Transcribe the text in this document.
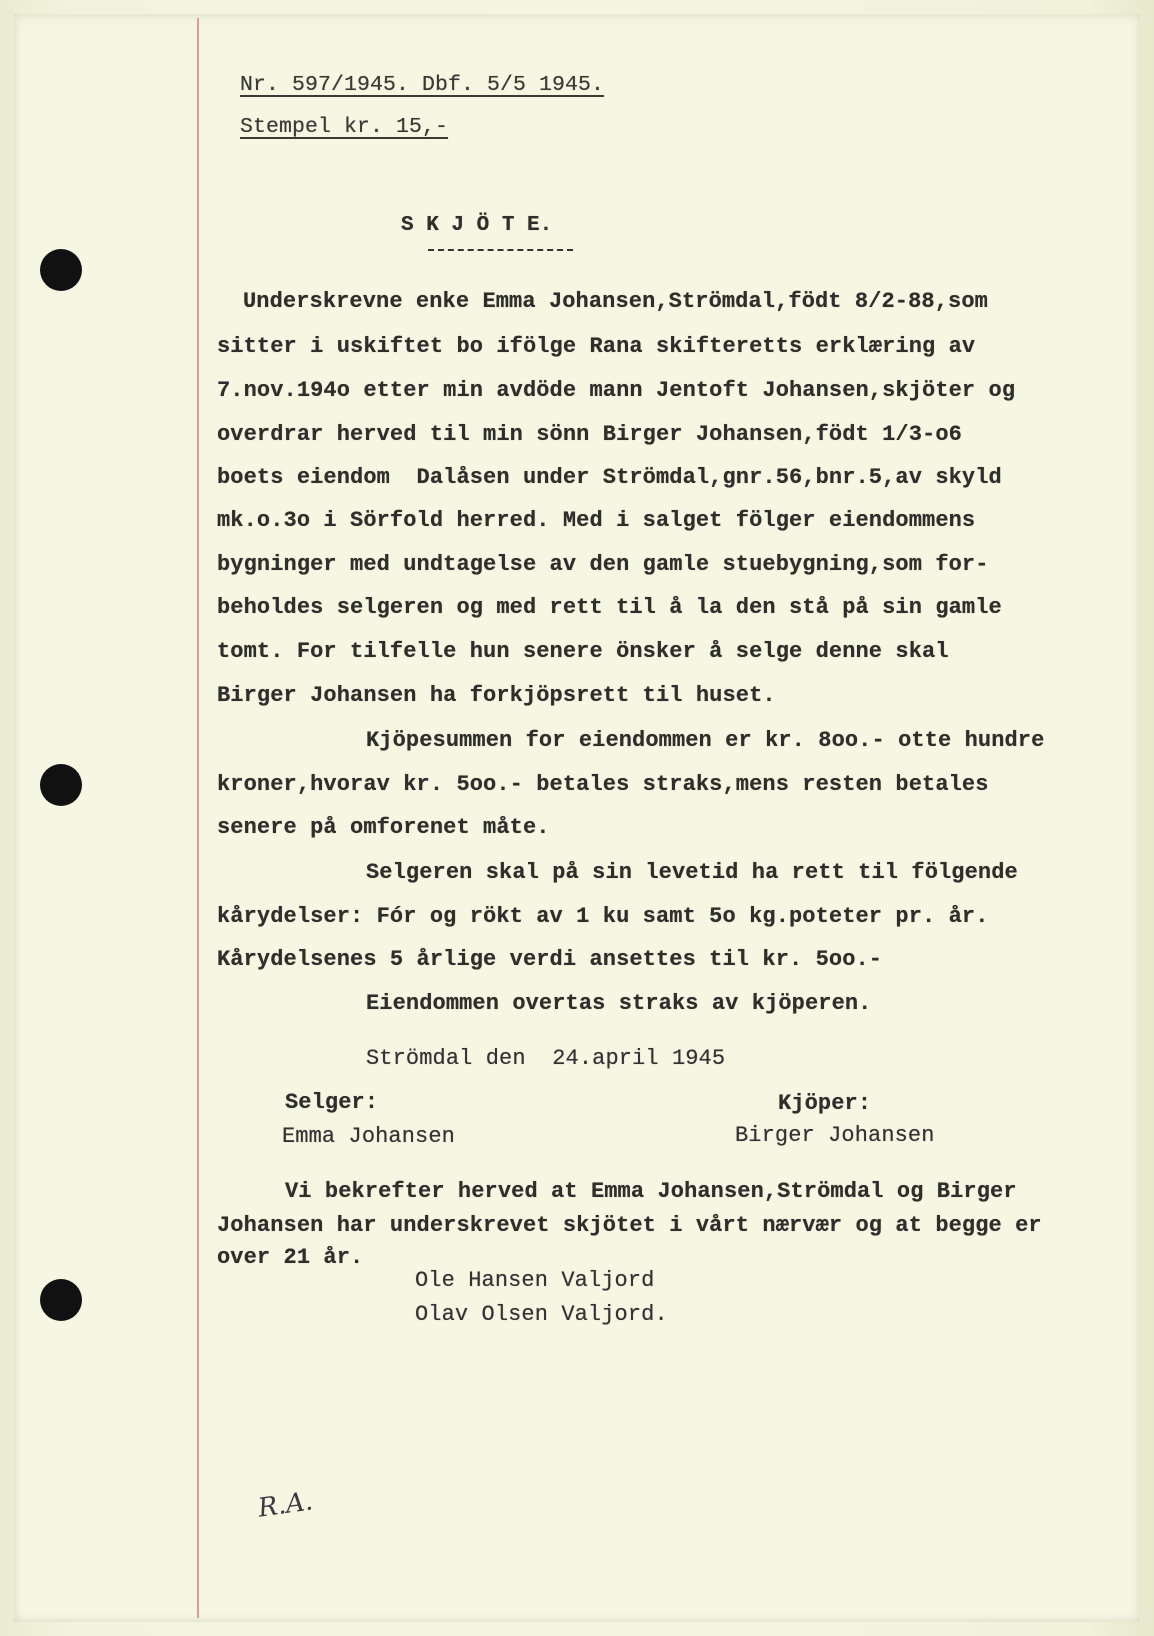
Nr. 597/1945. Dbf. 5/5 1945.
Stempel kr. 15,-
S K J Ö T E.
Underskrevne enke Emma Johansen,Strömdal,födt 8/2-88,som
sitter i uskiftet bo ifölge Rana skifteretts erklæring av
7.nov.194o etter min avdöde mann Jentoft Johansen,skjöter og
overdrar herved til min sönn Birger Johansen,födt 1/3-o6
boets eiendom  Dalåsen under Strömdal,gnr.56,bnr.5,av skyld
mk.o.3o i Sörfold herred. Med i salget fölger eiendommens
bygninger med undtagelse av den gamle stuebygning,som for-
beholdes selgeren og med rett til å la den stå på sin gamle
tomt. For tilfelle hun senere önsker å selge denne skal
Birger Johansen ha forkjöpsrett til huset.
Kjöpesummen for eiendommen er kr. 8oo.- otte hundre
kroner,hvorav kr. 5oo.- betales straks,mens resten betales
senere på omforenet måte.
Selgeren skal på sin levetid ha rett til fölgende
kårydelser: Fór og rökt av 1 ku samt 5o kg.poteter pr. år.
Kårydelsenes 5 årlige verdi ansettes til kr. 5oo.-
Eiendommen overtas straks av kjöperen.
Strömdal den  24.april 1945
Selger:	Kjöper:
Emma Johansen	Birger Johansen
Vi bekrefter herved at Emma Johansen,Strömdal og Birger
Johansen har underskrevet skjötet i vårt nærvær og at begge er
over 21 år.
Ole Hansen Valjord
Olav Olsen Valjord.
R.A.
